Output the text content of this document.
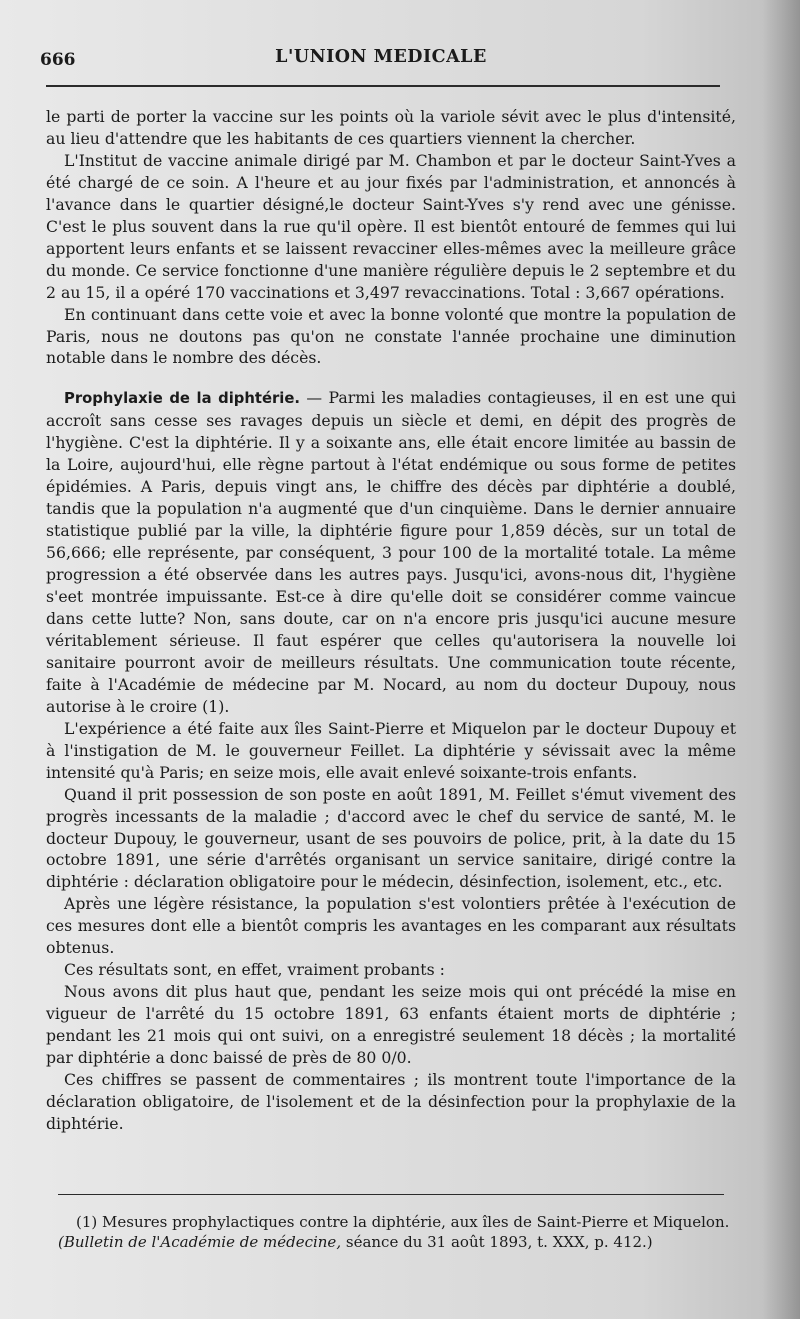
666	L'UNION MEDICALE

le parti de porter la vaccine sur les points où la variole sévit avec le plus d'intensité, au lieu d'attendre que les habitants de ces quartiers viennent la chercher.

L'Institut de vaccine animale dirigé par M. Chambon et par le docteur Saint-Yves a été chargé de ce soin. A l'heure et au jour fixés par l'administration, et annoncés à l'avance dans le quartier désigné,le docteur Saint-Yves s'y rend avec une génisse. C'est le plus souvent dans la rue qu'il opère. Il est bientôt entouré de femmes qui lui apportent leurs enfants et se laissent revacciner elles-mêmes avec la meilleure grâce du monde. Ce service fonctionne d'une manière régulière depuis le 2 septembre et du 2 au 15, il a opéré 170 vaccinations et 3,497 revaccinations. Total : 3,667 opérations.

En continuant dans cette voie et avec la bonne volonté que montre la population de Paris, nous ne doutons pas qu'on ne constate l'année prochaine une diminution notable dans le nombre des décès.

Prophylaxie de la diphtérie. — Parmi les maladies contagieuses, il en est une qui accroît sans cesse ses ravages depuis un siècle et demi, en dépit des progrès de l'hygiène. C'est la diphtérie. Il y a soixante ans, elle était encore limitée au bassin de la Loire, aujourd'hui, elle règne partout à l'état endémique ou sous forme de petites épidémies. A Paris, depuis vingt ans, le chiffre des décès par diphtérie a doublé, tandis que la population n'a augmenté que d'un cinquième. Dans le dernier annuaire statistique publié par la ville, la diphtérie figure pour 1,859 décès, sur un total de 56,666; elle représente, par conséquent, 3 pour 100 de la mortalité totale. La même progression a été observée dans les autres pays. Jusqu'ici, avons-nous dit, l'hygiène s'eet montrée impuissante. Est-ce à dire qu'elle doit se considérer comme vaincue dans cette lutte? Non, sans doute, car on n'a encore pris jusqu'ici aucune mesure véritablement sérieuse. Il faut espérer que celles qu'autorisera la nouvelle loi sanitaire pourront avoir de meilleurs résultats. Une communication toute récente, faite à l'Académie de médecine par M. Nocard, au nom du docteur Dupouy, nous autorise à le croire (1).

L'expérience a été faite aux îles Saint-Pierre et Miquelon par le docteur Dupouy et à l'instigation de M. le gouverneur Feillet. La diphtérie y sévissait avec la même intensité qu'à Paris; en seize mois, elle avait enlevé soixante-trois enfants.

Quand il prit possession de son poste en août 1891, M. Feillet s'émut vivement des progrès incessants de la maladie ; d'accord avec le chef du service de santé, M. le docteur Dupouy, le gouverneur, usant de ses pouvoirs de police, prit, à la date du 15 octobre 1891, une série d'arrêtés organisant un service sanitaire, dirigé contre la diphtérie : déclaration obligatoire pour le médecin, désinfection, isolement, etc., etc.

Après une légère résistance, la population s'est volontiers prêtée à l'exécution de ces mesures dont elle a bientôt compris les avantages en les comparant aux résultats obtenus.

Ces résultats sont, en effet, vraiment probants :

Nous avons dit plus haut que, pendant les seize mois qui ont précédé la mise en vigueur de l'arrêté du 15 octobre 1891, 63 enfants étaient morts de diphtérie ; pendant les 21 mois qui ont suivi, on a enregistré seulement 18 décès ; la mortalité par diphtérie a donc baissé de près de 80 0/0.

Ces chiffres se passent de commentaires ; ils montrent toute l'importance de la déclaration obligatoire, de l'isolement et de la désinfection pour la prophylaxie de la diphtérie.

(1) Mesures prophylactiques contre la diphtérie, aux îles de Saint-Pierre et Miquelon.

(Bulletin de l'Académie de médecine, séance du 31 août 1893, t. XXX, p. 412.)
